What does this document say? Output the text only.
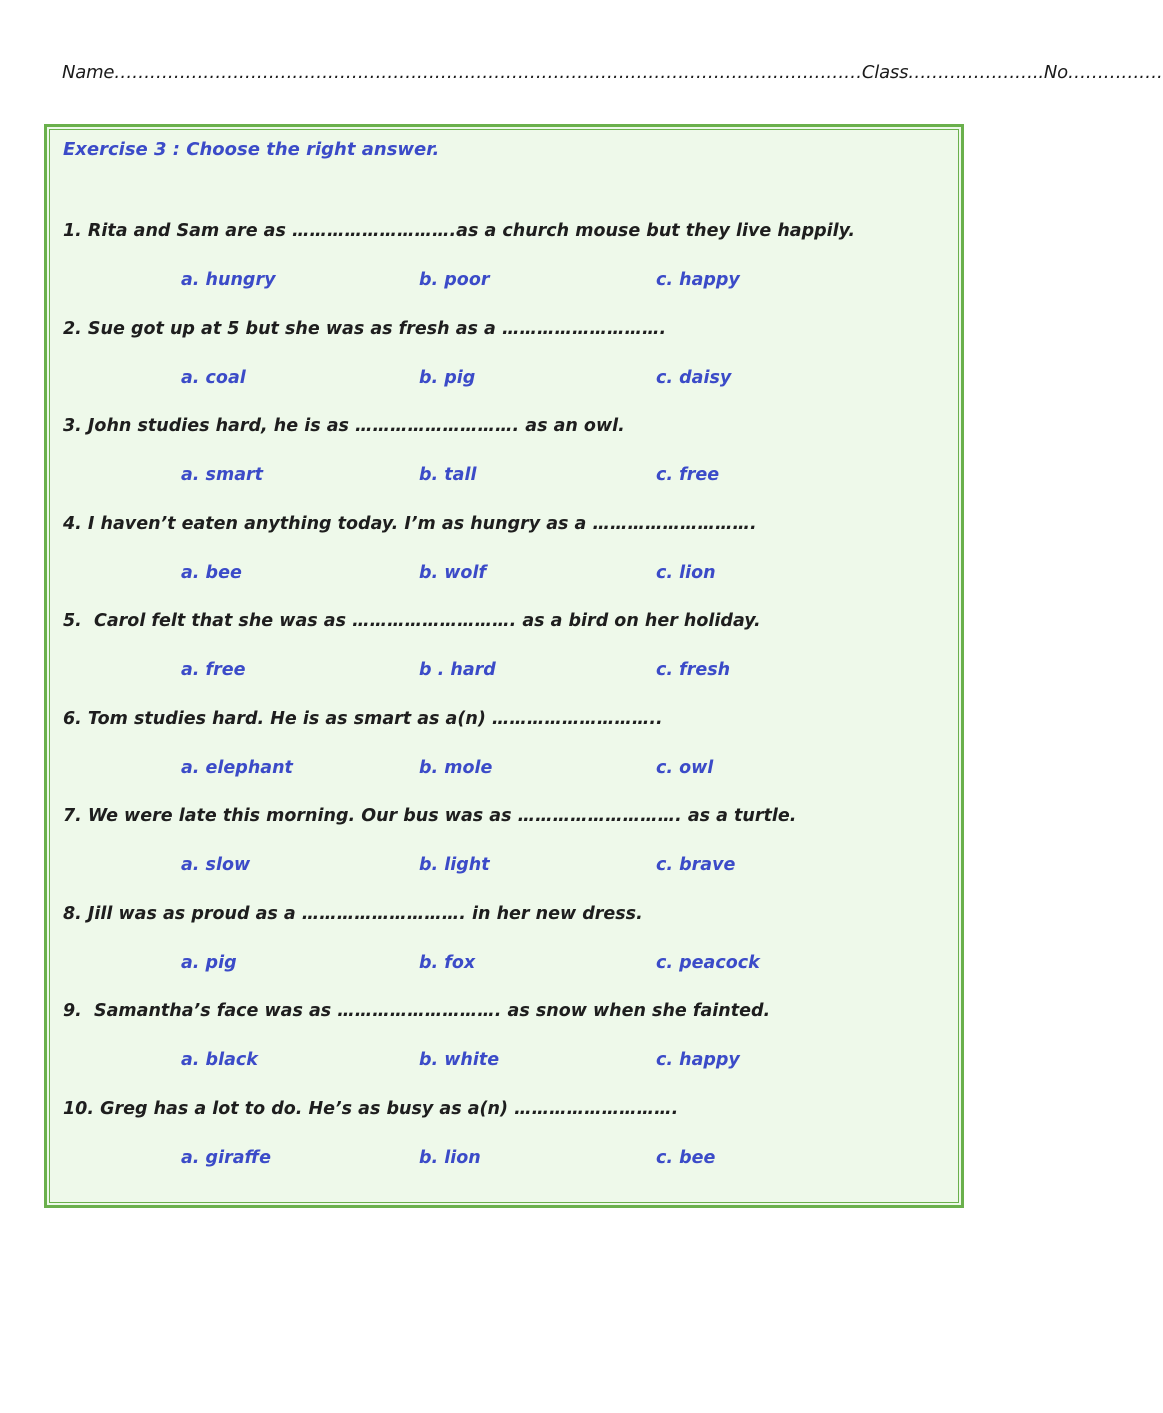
Name………………………………………………………………………………………………………………Class…………………..No…………….
Exercise 3 : Choose the right answer.
1. Rita and Sam are as ……………………….as a church mouse but they live happily.
a. hungry	b. poor	c. happy
2. Sue got up at 5 but she was as fresh as a ……………………….
a. coal	b. pig	c. daisy
3. John studies hard, he is as ………………………. as an owl.
a. smart	b. tall	c. free
4. I haven’t eaten anything today. I’m as hungry as a ……………………….
a. bee	b. wolf	c. lion
5.  Carol felt that she was as ………………………. as a bird on her holiday.
a. free	b . hard	c. fresh
6. Tom studies hard. He is as smart as a(n) ………………………..
a. elephant	b. mole	c. owl
7. We were late this morning. Our bus was as ………………………. as a turtle.
a. slow	b. light	c. brave
8. Jill was as proud as a ………………………. in her new dress.
a. pig	b. fox	c. peacock
9.  Samantha’s face was as ………………………. as snow when she fainted.
a. black	b. white	c. happy
10. Greg has a lot to do. He’s as busy as a(n) ……………………….
a. giraffe	b. lion	c. bee
